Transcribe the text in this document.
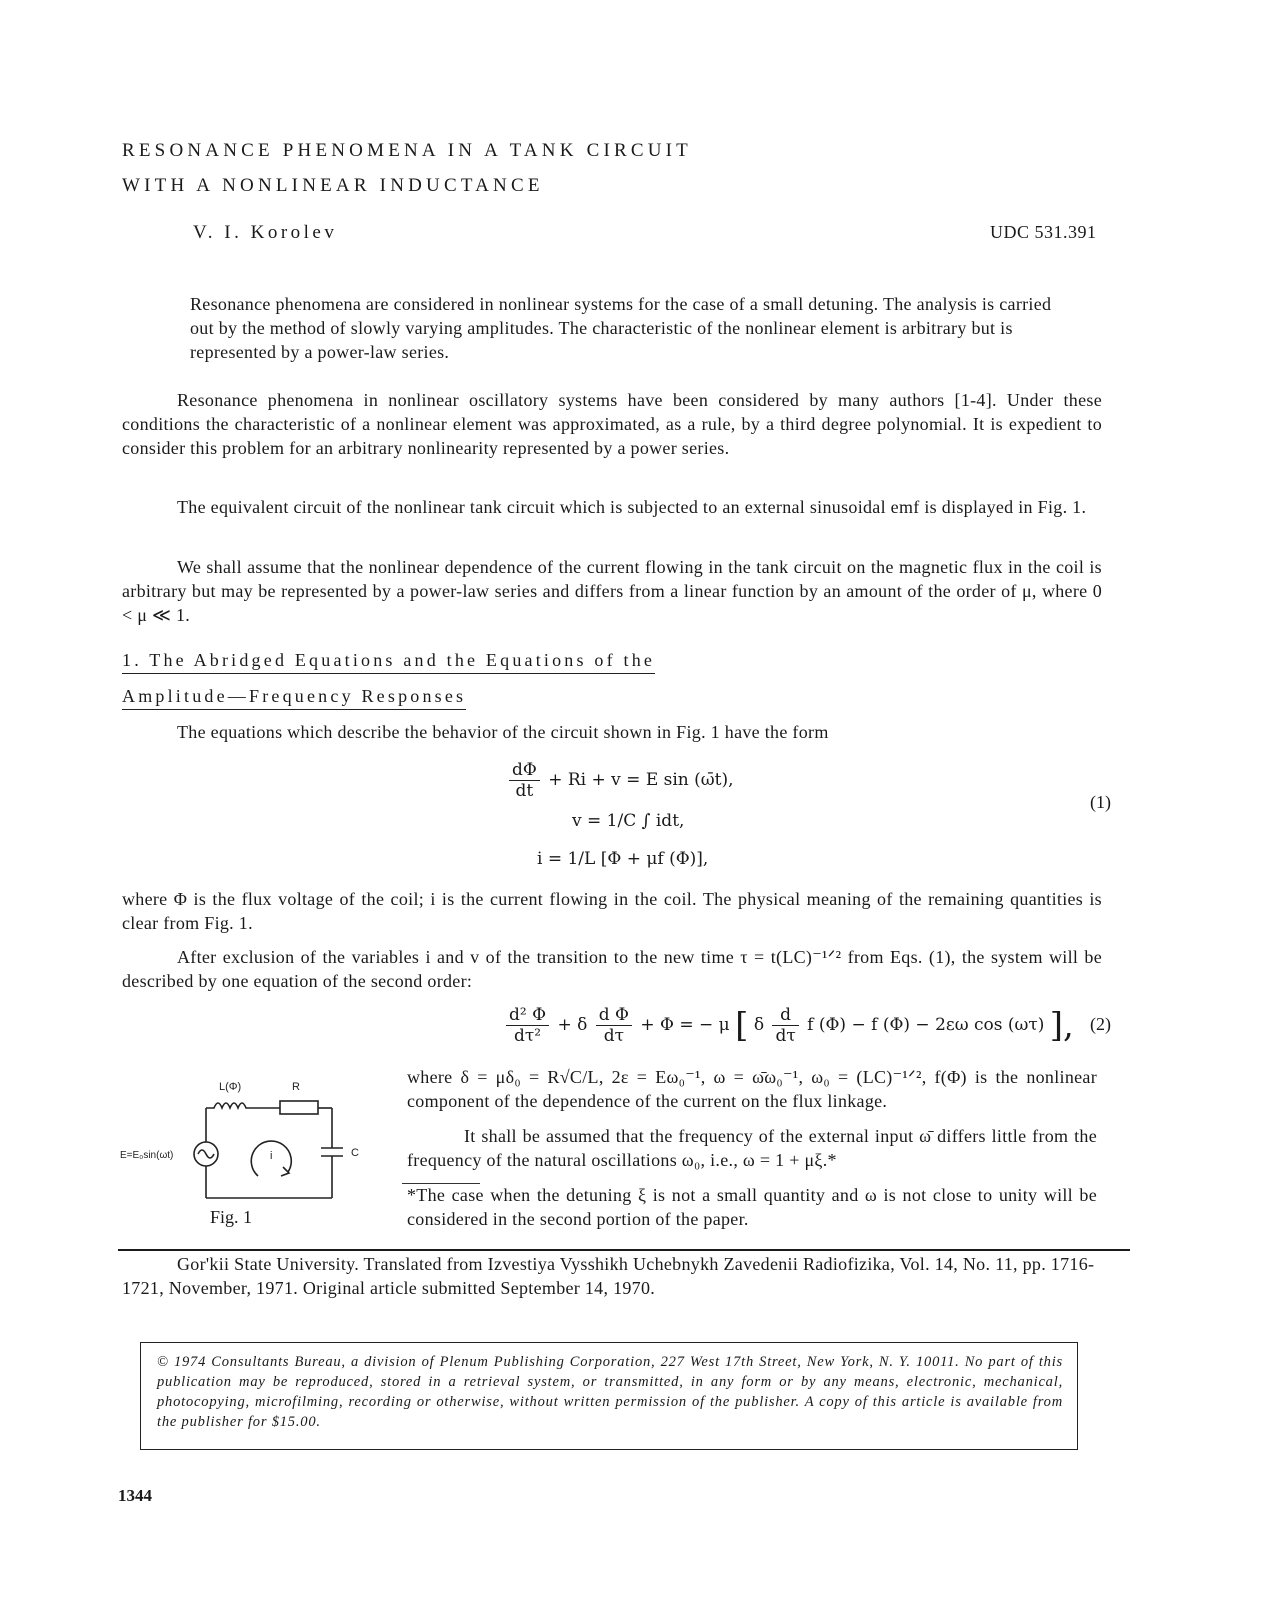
RESONANCE PHENOMENA IN A TANK CIRCUIT
WITH A NONLINEAR INDUCTANCE

V. I. Korolev	UDC 531.391

Resonance phenomena are considered in nonlinear systems for the case of a small detuning. The analysis is carried out by the method of slowly varying amplitudes. The characteristic of the nonlinear element is arbitrary but is represented by a power-law series.

Resonance phenomena in nonlinear oscillatory systems have been considered by many authors [1-4]. Under these conditions the characteristic of a nonlinear element was approximated, as a rule, by a third degree polynomial. It is expedient to consider this problem for an arbitrary nonlinearity represented by a power series.

The equivalent circuit of the nonlinear tank circuit which is subjected to an external sinusoidal emf is displayed in Fig. 1.

We shall assume that the nonlinear dependence of the current flowing in the tank circuit on the magnetic flux in the coil is arbitrary but may be represented by a power-law series and differs from a linear function by an amount of the order of μ, where 0 < μ ≪ 1.

1. The Abridged Equations and the Equations of the

Amplitude—Frequency Responses

The equations which describe the behavior of the circuit shown in Fig. 1 have the form

$\frac{d\Phi}{dt} + Ri + v = E$ sin (ω̄t),
v = 1/C ∫ idt,
i = 1/L [Φ + μf (Φ)],
(1)

where Φ is the flux voltage of the coil; i is the current flowing in the coil. The physical meaning of the remaining quantities is clear from Fig. 1.

After exclusion of the variables i and v of the transition to the new time τ = t(LC)⁻¹ᐟ² from Eqs. (1), the system will be described by one equation of the second order:

$\frac{\text{d² Φ}}{\text{dτ²}} + \delta \frac{\text{d Φ}}{d\tau} + \Phi$ = − μ [ δ $\frac{d}{d\tau}$ f (Φ) − f (Φ) − 2εω cos (ωτ) ], (2)

where δ = μδ₀ = R√C/L, 2ε = Eω₀⁻¹, ω = ω̄ω₀⁻¹, ω₀ = (LC)⁻¹ᐟ², f(Φ) is the nonlinear component of the dependence of the current on the flux linkage.

It shall be assumed that the frequency of the external input ω̄ differs little from the frequency of the natural oscillations ω₀, i.e., ω = 1 + μξ.*

*The case when the detuning ξ is not a small quantity and ω is not close to unity will be considered in the second portion of the paper.

L(Φ)	R
C
i
E=E₀sin(ωt)

Fig. 1

Gor'kii State University. Translated from Izvestiya Vysshikh Uchebnykh Zavedenii Radiofizika, Vol. 14, No. 11, pp. 1716-1721, November, 1971. Original article submitted September 14, 1970.

© 1974 Consultants Bureau, a division of Plenum Publishing Corporation, 227 West 17th Street, New York, N. Y. 10011. No part of this publication may be reproduced, stored in a retrieval system, or transmitted, in any form or by any means, electronic, mechanical, photocopying, microfilming, recording or otherwise, without written permission of the publisher. A copy of this article is available from the publisher for $15.00.

1344
